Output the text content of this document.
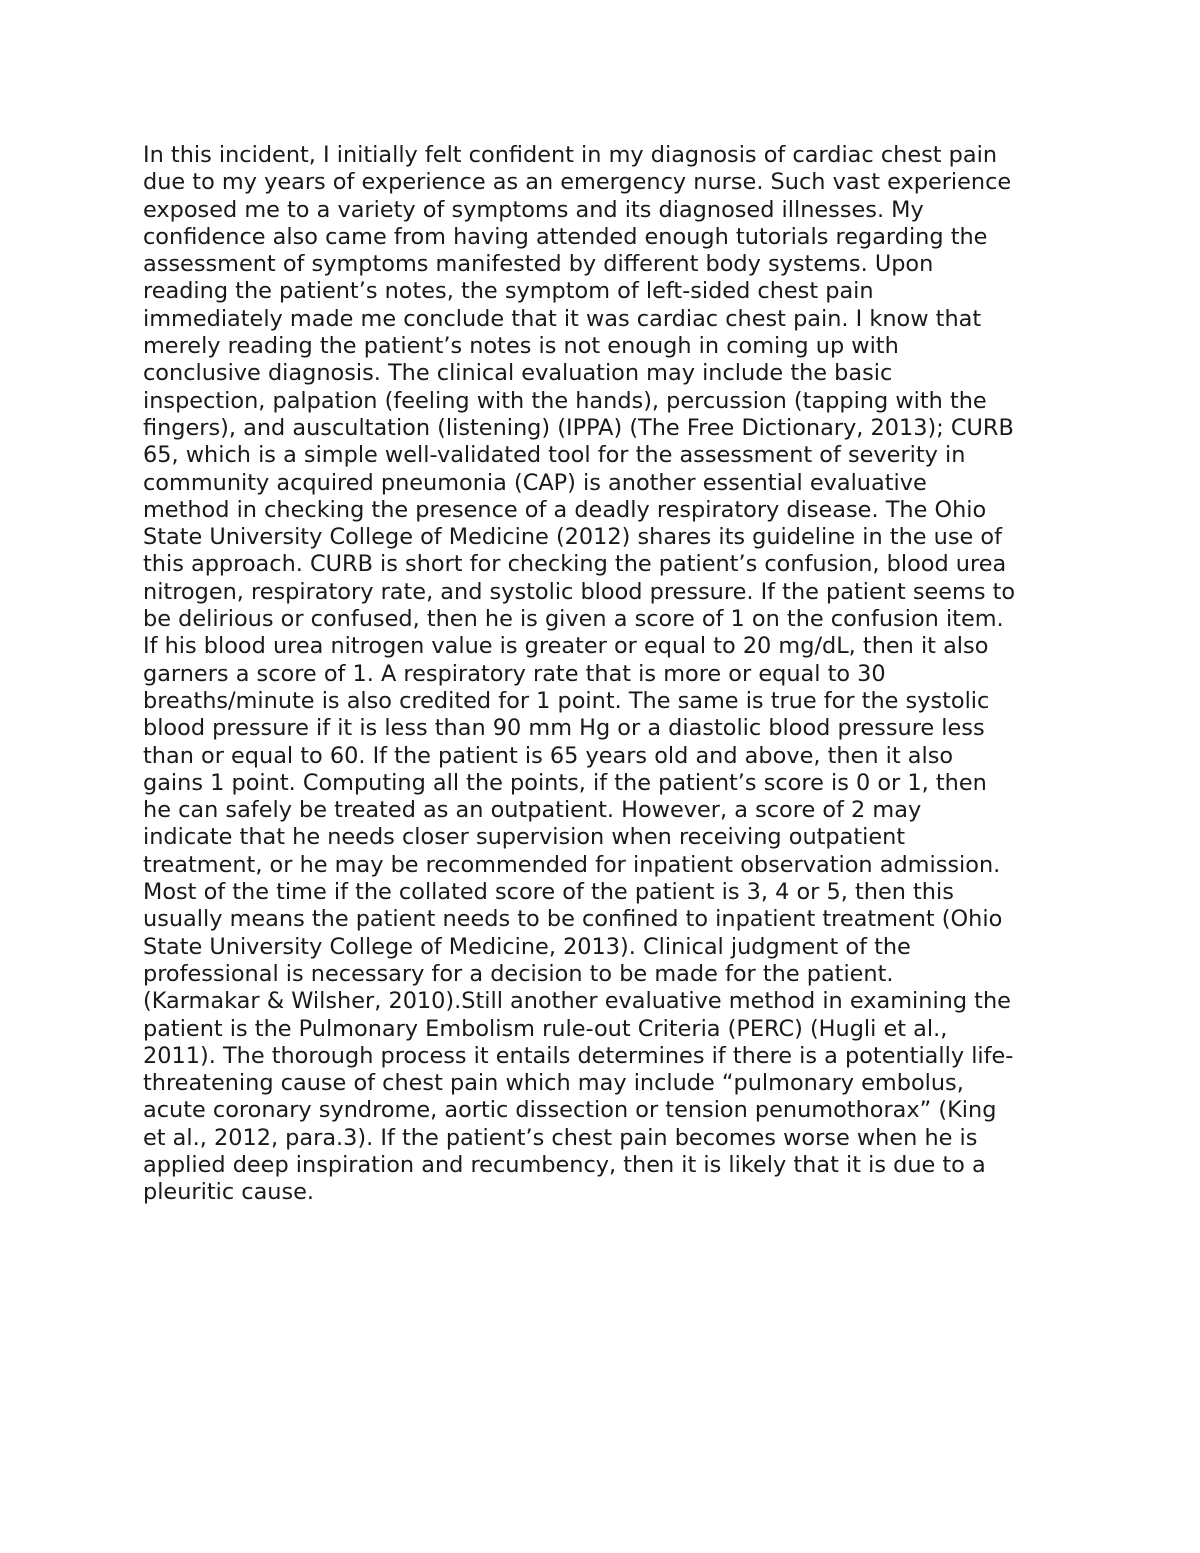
In this incident, I initially felt confident in my diagnosis of cardiac chest pain
due to my years of experience as an emergency nurse. Such vast experience
exposed me to a variety of symptoms and its diagnosed illnesses. My
confidence also came from having attended enough tutorials regarding the
assessment of symptoms manifested by different body systems. Upon
reading the patient’s notes, the symptom of left-sided chest pain
immediately made me conclude that it was cardiac chest pain. I know that
merely reading the patient’s notes is not enough in coming up with
conclusive diagnosis. The clinical evaluation may include the basic
inspection, palpation (feeling with the hands), percussion (tapping with the
fingers), and auscultation (listening) (IPPA) (The Free Dictionary, 2013); CURB
65, which is a simple well-validated tool for the assessment of severity in
community acquired pneumonia (CAP) is another essential evaluative
method in checking the presence of a deadly respiratory disease. The Ohio
State University College of Medicine (2012) shares its guideline in the use of
this approach. CURB is short for checking the patient’s confusion, blood urea
nitrogen, respiratory rate, and systolic blood pressure. If the patient seems to
be delirious or confused, then he is given a score of 1 on the confusion item.
If his blood urea nitrogen value is greater or equal to 20 mg/dL, then it also
garners a score of 1. A respiratory rate that is more or equal to 30
breaths/minute is also credited for 1 point. The same is true for the systolic
blood pressure if it is less than 90 mm Hg or a diastolic blood pressure less
than or equal to 60. If the patient is 65 years old and above, then it also
gains 1 point. Computing all the points, if the patient’s score is 0 or 1, then
he can safely be treated as an outpatient. However, a score of 2 may
indicate that he needs closer supervision when receiving outpatient
treatment, or he may be recommended for inpatient observation admission.
Most of the time if the collated score of the patient is 3, 4 or 5, then this
usually means the patient needs to be confined to inpatient treatment (Ohio
State University College of Medicine, 2013). Clinical judgment of the
professional is necessary for a decision to be made for the patient.
(Karmakar & Wilsher, 2010).Still another evaluative method in examining the
patient is the Pulmonary Embolism rule-out Criteria (PERC) (Hugli et al.,
2011). The thorough process it entails determines if there is a potentially life-
threatening cause of chest pain which may include “pulmonary embolus,
acute coronary syndrome, aortic dissection or tension penumothorax” (King
et al., 2012, para.3). If the patient’s chest pain becomes worse when he is
applied deep inspiration and recumbency, then it is likely that it is due to a
pleuritic cause.
